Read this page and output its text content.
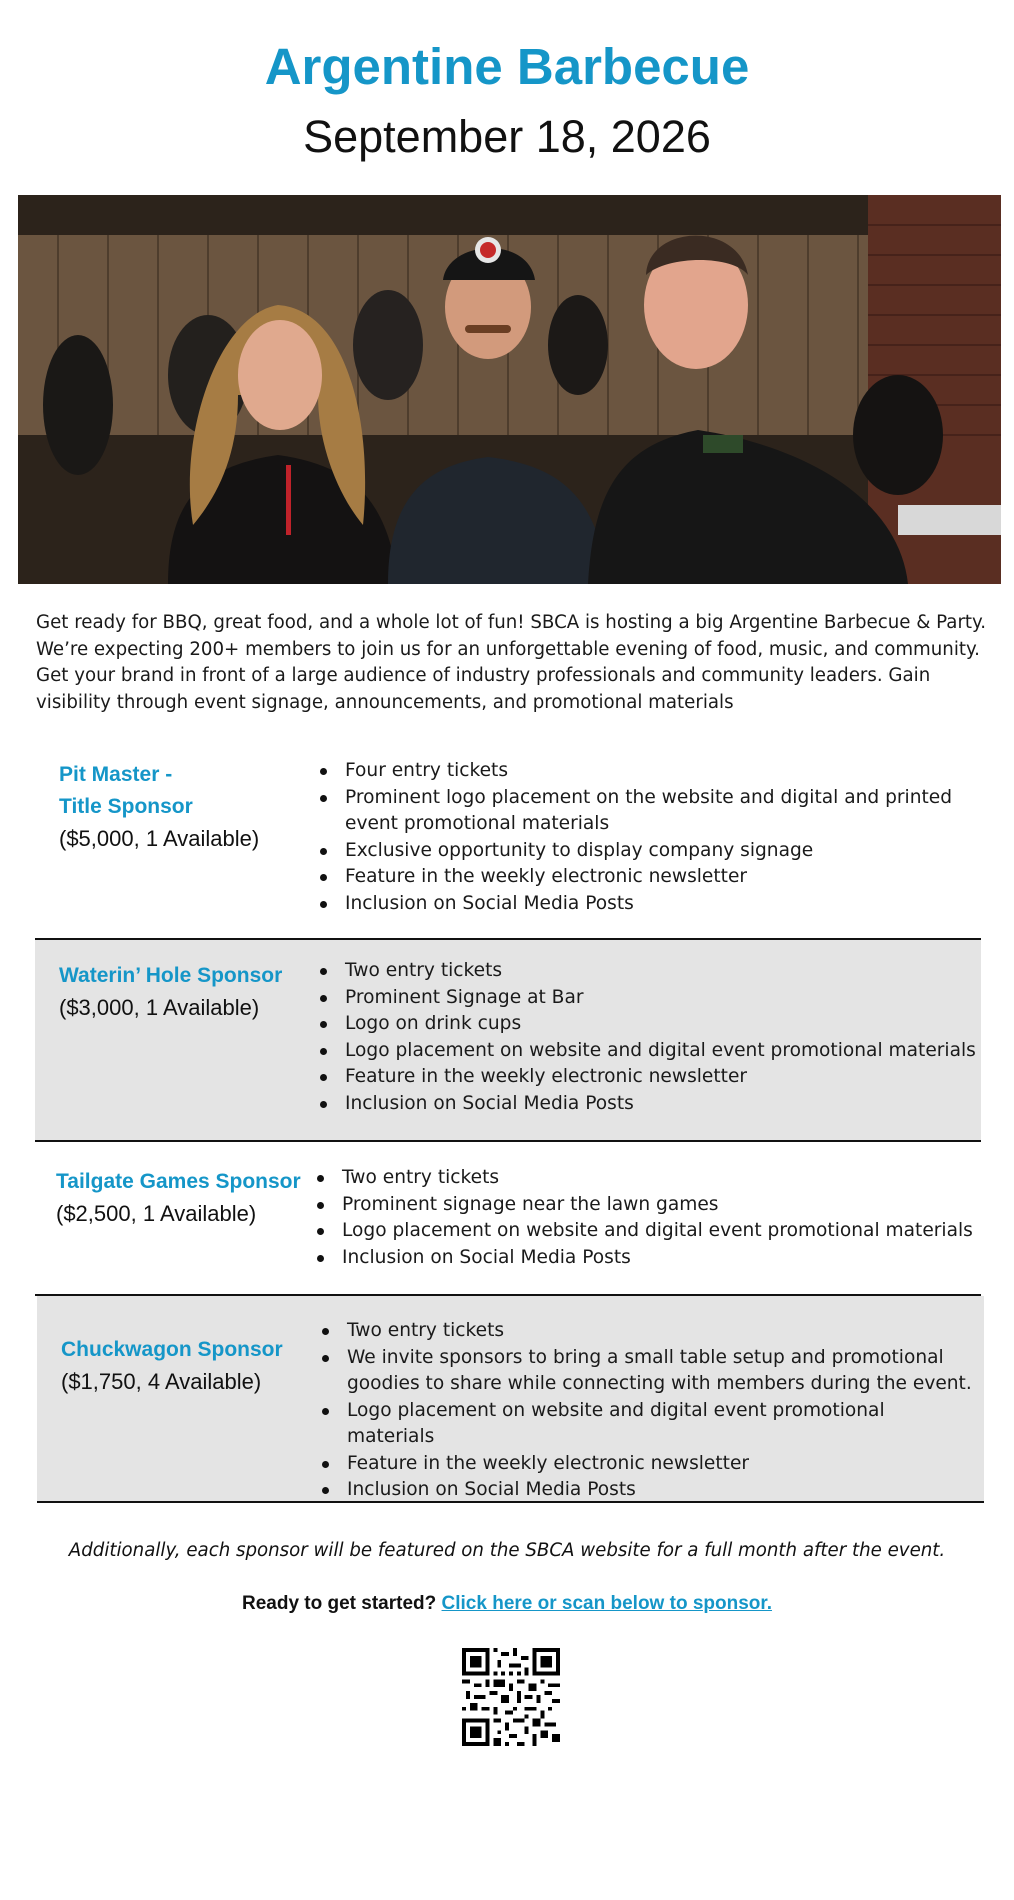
Argentine Barbecue
September 18, 2026
Get ready for BBQ, great food, and a whole lot of fun! SBCA is hosting a big Argentine Barbecue & Party. We’re expecting 200+ members to join us for an unforgettable evening of food, music, and community. Get your brand in front of a large audience of industry professionals and community leaders. Gain visibility through event signage, announcements, and promotional materials
Pit Master -
Title Sponsor
($5,000, 1 Available)
Four entry tickets
Prominent logo placement on the website and digital and printed event promotional materials
Exclusive opportunity to display company signage
Feature in the weekly electronic newsletter
Inclusion on Social Media Posts
Waterin’ Hole Sponsor
($3,000, 1 Available)
Two entry tickets
Prominent Signage at Bar
Logo on drink cups
Logo placement on website and digital event promotional materials
Feature in the weekly electronic newsletter
Inclusion on Social Media Posts
Tailgate Games Sponsor
($2,500, 1 Available)
Two entry tickets
Prominent signage near the lawn games
Logo placement on website and digital event promotional materials
Inclusion on Social Media Posts
Chuckwagon Sponsor
($1,750, 4 Available)
Two entry tickets
We invite sponsors to bring a small table setup and promotional goodies to share while connecting with members during the event.
Logo placement on website and digital event promotional materials
Feature in the weekly electronic newsletter
Inclusion on Social Media Posts
Additionally, each sponsor will be featured on the SBCA website for a full month after the event.
Ready to get started? Click here or scan below to sponsor.
